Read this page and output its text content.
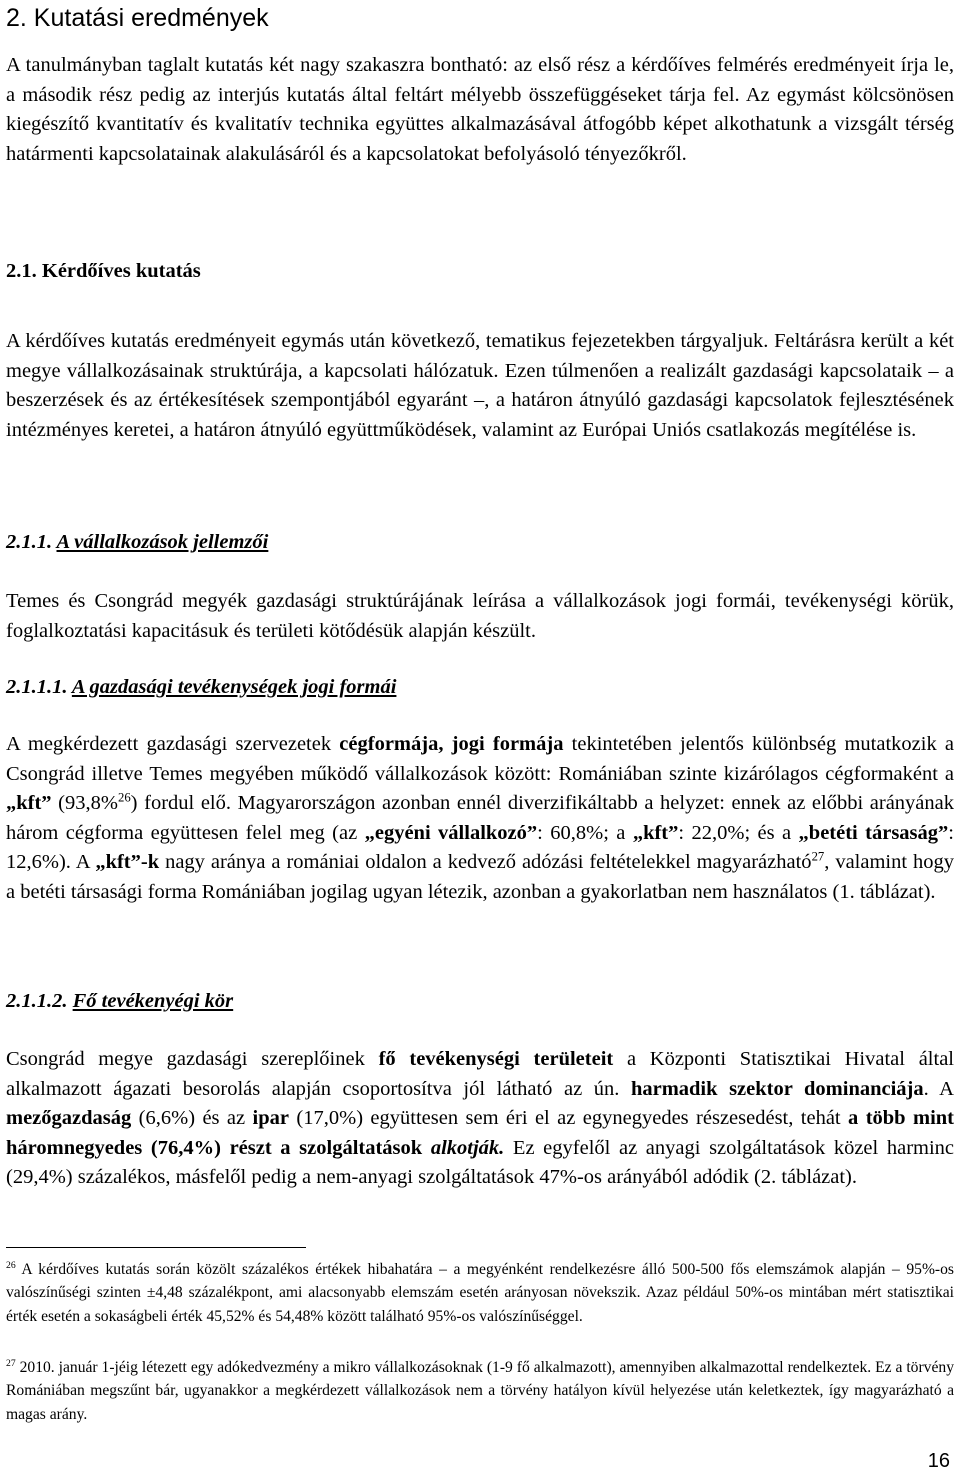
2. Kutatási eredmények

A tanulmányban taglalt kutatás két nagy szakaszra bontható: az első rész a kérdőíves felmérés eredményeit írja le, a második rész pedig az interjús kutatás által feltárt mélyebb összefüggéseket tárja fel. Az egymást kölcsönösen kiegészítő kvantitatív és kvalitatív technika együttes alkalmazásával átfogóbb képet alkothatunk a vizsgált térség határmenti kapcsolatainak alakulásáról és a kapcsolatokat befolyásoló tényezőkről.

2.1. Kérdőíves kutatás

A kérdőíves kutatás eredményeit egymás után következő, tematikus fejezetekben tárgyaljuk. Feltárásra került a két megye vállalkozásainak struktúrája, a kapcsolati hálózatuk. Ezen túlmenően a realizált gazdasági kapcsolataik – a beszerzések és az értékesítések szempontjából egyaránt –, a határon átnyúló gazdasági kapcsolatok fejlesztésének intézményes keretei, a határon átnyúló együttműködések, valamint az Európai Uniós csatlakozás megítélése is.

2.1.1. A vállalkozások jellemzői

Temes és Csongrád megyék gazdasági struktúrájának leírása a vállalkozások jogi formái, tevékenységi körük, foglalkoztatási kapacitásuk és területi kötődésük alapján készült.

2.1.1.1. A gazdasági tevékenységek jogi formái

A megkérdezett gazdasági szervezetek cégformája, jogi formája tekintetében jelentős különbség mutatkozik a Csongrád illetve Temes megyében működő vállalkozások között: Romániában szinte kizárólagos cégformaként a „kft” (93,8%$^{26}$) fordul elő. Magyarországon azonban ennél diverzifikáltabb a helyzet: ennek az előbbi arányának három cégforma együttesen felel meg (az „egyéni vállalkozó”: 60,8%; a „kft”: 22,0%; és a „betéti társaság”: 12,6%). A „kft”-k nagy aránya a romániai oldalon a kedvező adózási feltételekkel magyarázható$^{27}$, valamint hogy a betéti társasági forma Romániában jogilag ugyan létezik, azonban a gyakorlatban nem használatos (1. táblázat).

2.1.1.2. Fő tevékenyégi kör

Csongrád megye gazdasági szereplőinek fő tevékenységi területeit a Központi Statisztikai Hivatal által alkalmazott ágazati besorolás alapján csoportosítva jól látható az ún. harmadik szektor dominanciája. A mezőgazdaság (6,6%) és az ipar (17,0%) együttesen sem éri el az egynegyedes részesedést, tehát a több mint háromnegyedes (76,4%) részt a szolgáltatások alkotják. Ez egyfelől az anyagi szolgáltatások közel harminc (29,4%) százalékos, másfelől pedig a nem-anyagi szolgáltatások 47%-os arányából adódik (2. táblázat).

$^{26}$ A kérdőíves kutatás során közölt százalékos értékek hibahatára – a megyénként rendelkezésre álló 500-500 fős elemszámok alapján – 95%-os valószínűségi szinten ±4,48 százalékpont, ami alacsonyabb elemszám esetén arányosan növekszik. Azaz például 50%-os mintában mért statisztikai érték esetén a sokaságbeli érték 45,52% és 54,48% között található 95%-os valószínűséggel.

$^{27}$ 2010. január 1-jéig létezett egy adókedvezmény a mikro vállalkozásoknak (1-9 fő alkalmazott), amennyiben alkalmazottal rendelkeztek. Ez a törvény Romániában megszűnt bár, ugyanakkor a megkérdezett vállalkozások nem a törvény hatályon kívül helyezése után keletkeztek, így magyarázható a magas arány.

16
